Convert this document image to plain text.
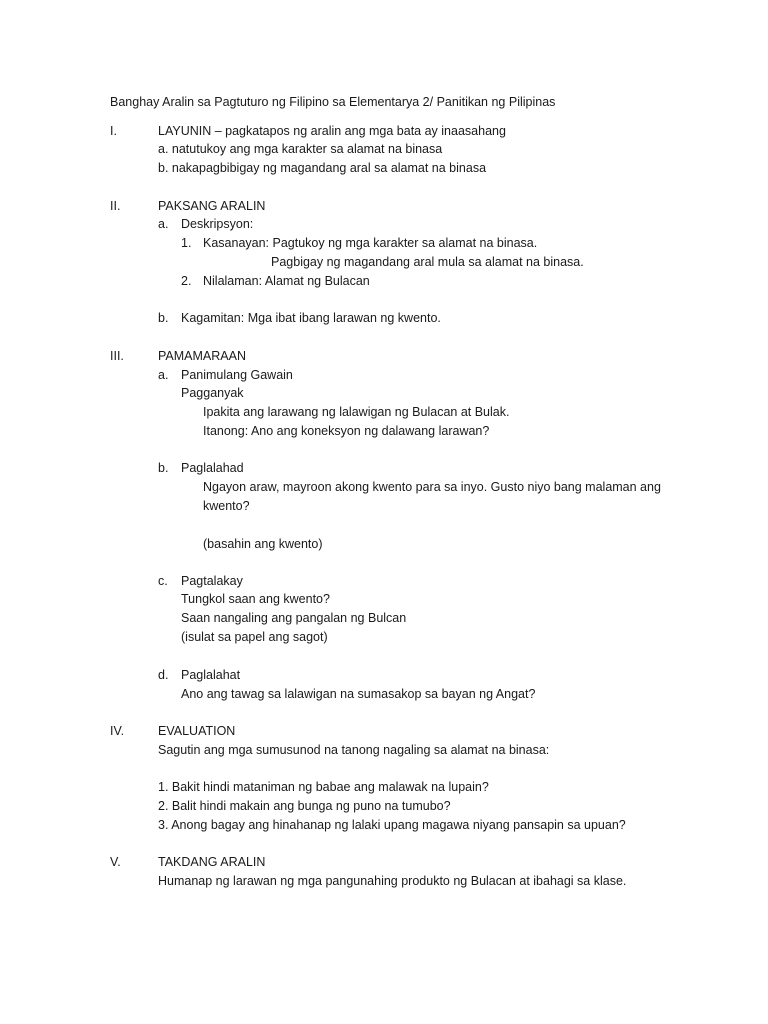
Banghay Aralin sa Pagtuturo ng Filipino sa Elementarya 2/ Panitikan ng Pilipinas
I.	LAYUNIN – pagkatapos ng aralin ang mga bata ay inaasahang
a. natutukoy ang mga karakter sa alamat na binasa
b. nakapagbibigay ng magandang aral sa alamat na binasa
II.	PAKSANG ARALIN
a. Deskripsyon:
1. Kasanayan: Pagtukoy ng mga karakter sa alamat na binasa.
Pagbigay ng magandang aral mula sa alamat na binasa.
2. Nilalaman: Alamat ng Bulacan
b. Kagamitan: Mga ibat ibang larawan ng kwento.
III.	PAMAMARAAN
a. Panimulang Gawain
Pagganyak
Ipakita ang larawang ng lalawigan ng Bulacan at Bulak.
Itanong: Ano ang koneksyon ng dalawang larawan?
b. Paglalahad
Ngayon araw, mayroon akong kwento para sa inyo. Gusto niyo bang malaman ang
kwento?
(basahin ang kwento)
c. Pagtalakay
Tungkol saan ang kwento?
Saan nangaling ang pangalan ng Bulcan
(isulat sa papel ang sagot)
d. Paglalahat
Ano ang tawag sa lalawigan na sumasakop sa bayan ng Angat?
IV.	EVALUATION
Sagutin ang mga sumusunod na tanong nagaling sa alamat na binasa:
1. Bakit hindi mataniman ng babae ang malawak na lupain?
2. Balit hindi makain ang bunga ng puno na tumubo?
3. Anong bagay ang hinahanap ng lalaki upang magawa niyang pansapin sa upuan?
V.	TAKDANG ARALIN
Humanap ng larawan ng mga pangunahing produkto ng Bulacan at ibahagi sa klase.
